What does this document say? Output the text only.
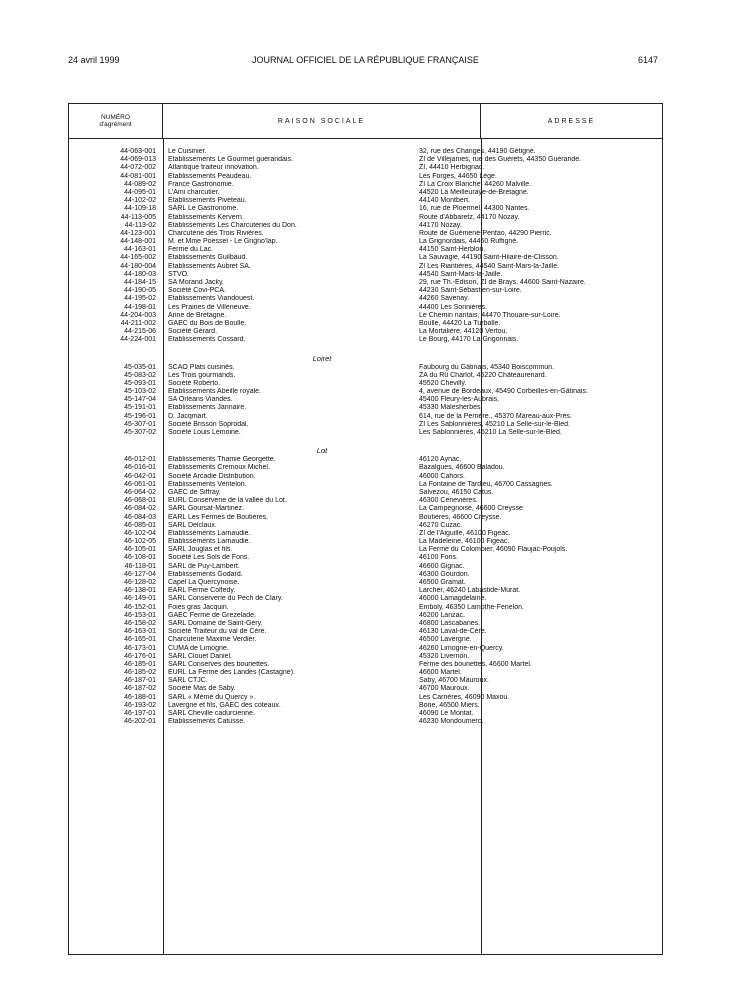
24 avril 1999	JOURNAL OFFICIEL DE LA RÉPUBLIQUE FRANÇAISE	6147
NUMÉRO
d'agrément	RAISON SOCIALE	ADRESSE
44-063-001 Le Cuisinier.	32, rue des Changes, 44190 Gétigné.
44-069-013 Etablissements Le Gourmet guérandais.	ZI de Villejames, rue des Guérets, 44350 Guérande.
44-072-002 Atlantique traiteur innovation.	ZI, 44410 Herbignac.
44-081-001 Etablissements Peaudeau.	Les Forges, 44650 Lège.
44-089-02 France Gastronomie.	ZI La Croix Blanche, 44260 Malville.
44-095-01 L'Ami charcutier.	44520 La Meilleuraye-de-Bretagne.
44-102-02 Etablissements Piveteau.	44140 Montbert.
44-109-18 SARL Le Gastronome.	16, rue de Ploermel, 44300 Nantes.
44-113-005 Etablissements Kervern.	Route d'Abbaretz, 44170 Nozay.
44-113-02 Etablissements Les Charcuteries du Don.	44170 Nozay.
44-123-001 Charcuterie des Trois Rivières.	Route de Guémené-Penfao, 44290 Pierric.
44-148-001 M. et Mme Poessel - Le Grigno'lap.	La Grignordais, 44460 Ruffigné.
44-163-01 Ferme du Lac.	44150 Saint-Herblon.
44-165-002 Etablissements Guilbaud.	La Sauvagie, 44190 Saint-Hilaire-de-Clisson.
44-180-004 Etablissements Aubret SA.	ZI Les Riantières, 44540 Saint-Mars-la-Jaille.
44-180-03 STVO.	44540 Saint-Mars-la-Jaille.
44-184-15 SA Morand Jacky.	29, rue Th.-Edison, ZI de Brays, 44600 Saint-Nazaire.
44-190-05 Société Covi-PCA.	44230 Saint-Sébastien-sur-Loire.
44-195-02 Etablissements Viandouest.	44260 Savenay.
44-198-01 Les Prairies de Villeneuve.	44400 Les Sorinières.
44-204-003 Anne de Bretagne.	Le Chemin nantais, 44470 Thouare-sur-Loire.
44-211-002 GAEC du Bois de Boulle.	Boulle, 44420 La Turballe.
44-215-06 Société Gérard.	La Mortalière, 44120 Vertou.
44-224-001 Etablissements Cossard.	Le Bourg, 44170 La Grigonnais.
Loiret
45-035-01 SCAO Plats cuisinés.	Faubourg du Gâtinais, 45340 Boiscommun.
45-083-02 Les Trois gourmands.	ZA du Rû Charlot, 45220 Châteaurenard.
45-093-01 Société Roberto.	45520 Chevilly.
45-103-02 Etablissements Abeille royale.	4, avenue de Bordeaux, 45490 Corbeilles-en-Gâtinais.
45-147-04 SA Orléans Viandes.	45400 Fleury-les-Aubrais.
45-191-01 Etablissements Jannaire.	45330 Malesherbes.
45-196-01 D. Jacqmart.	614, rue de la Perrière., 45370 Mareau-aux-Prés.
45-307-01 Société Brisson Soprodal.	ZI Les Sablonnières, 45210 La Selle-sur-le-Bled.
45-307-02 Société Louis Lemoine.	Les Sablonnières, 45210 La Selle-sur-le-Bled.
Lot
46-012-01 Etablissements Thamie Georgette.	46120 Aynac.
46-016-01 Etablissements Cremoux Michel.	Bazalgues, 46600 Baladou.
46-042-01 Société Arcadie Distribution.	46000 Cahors.
46-061-01 Etablissements Ventelon.	La Fontaine de Tardieu, 46700 Cassagnes.
46-064-02 GAEC de Siffray.	Salvezou, 46150 Catus.
46-068-01 EURL Conserverie de la vallée du Lot.	46300 Cenevières.
46-084-02 SARL Goursat-Martinez.	La Campegnoise, 46600 Creysse.
46-084-03 EARL Les Fermes de Boutières.	Boutières, 46600 Creysse.
46-085-01 SARL Delclaux.	46270 Cuzac.
46-102-04 Etablissements Larnaudie.	ZI de l'Aiguille, 46100 Figeac.
46-102-05 Etablissements Larnaudie.	La Madeleine, 46100 Figeac.
46-105-01 SARL Jouglas et fils.	La Ferme du Colombier, 46090 Flaujac-Poujols.
46-108-01 Société Les Sols de Fons.	46100 Fons.
46-118-01 SARL de Puy-Lambert.	46600 Gignac.
46-127-04 Etablissements Godard.	46300 Gourdon.
46-128-02 Capel La Quercynoise.	46500 Gramat.
46-138-01 EARL Ferme Colfedy.	Larcher, 46240 Labastide-Murat.
46-149-01 SARL Conserverie du Pech de Clary.	46000 Lamagdelaine.
46-152-01 Foies gras Jacquin.	Emboly, 46350 Lamothe-Fenelon.
46-153-01 GAEC Ferme de Grezelade.	46200 Lanzac.
46-158-02 SARL Domaine de Saint-Géry.	46800 Lascabanes.
46-163-01 Société Traiteur du val de Cère.	46130 Laval-de-Cère.
46-165-01 Charcuterie Maxime Verdier.	46500 Lavergne.
46-173-01 CUMA de Limogne.	46260 Limogne-en-Quercy.
46-176-01 SARL Clouet Daniel.	45320 Livernon.
46-185-01 SARL Conserves des bouriettes.	Ferme des bouriettes, 46600 Martel.
46-185-02 EURL La Ferme des Landes (Castagne).	46600 Martel.
46-187-01 SARL CTJC.	Saby, 46700 Mauroux.
46-187-02 Société Mas de Saby.	46700 Mauroux.
46-188-01 SARL « Mémé du Quercy ».	Les Carrières, 46090 Maxou.
46-193-02 Lavergne et fils, GAEC des coteaux.	Borie, 46500 Miers.
46-197-01 SARL Cheville cadurcienne.	46090 Le Montat.
46-202-01 Etablissements Catusse.	46230 Mondoumerc.
